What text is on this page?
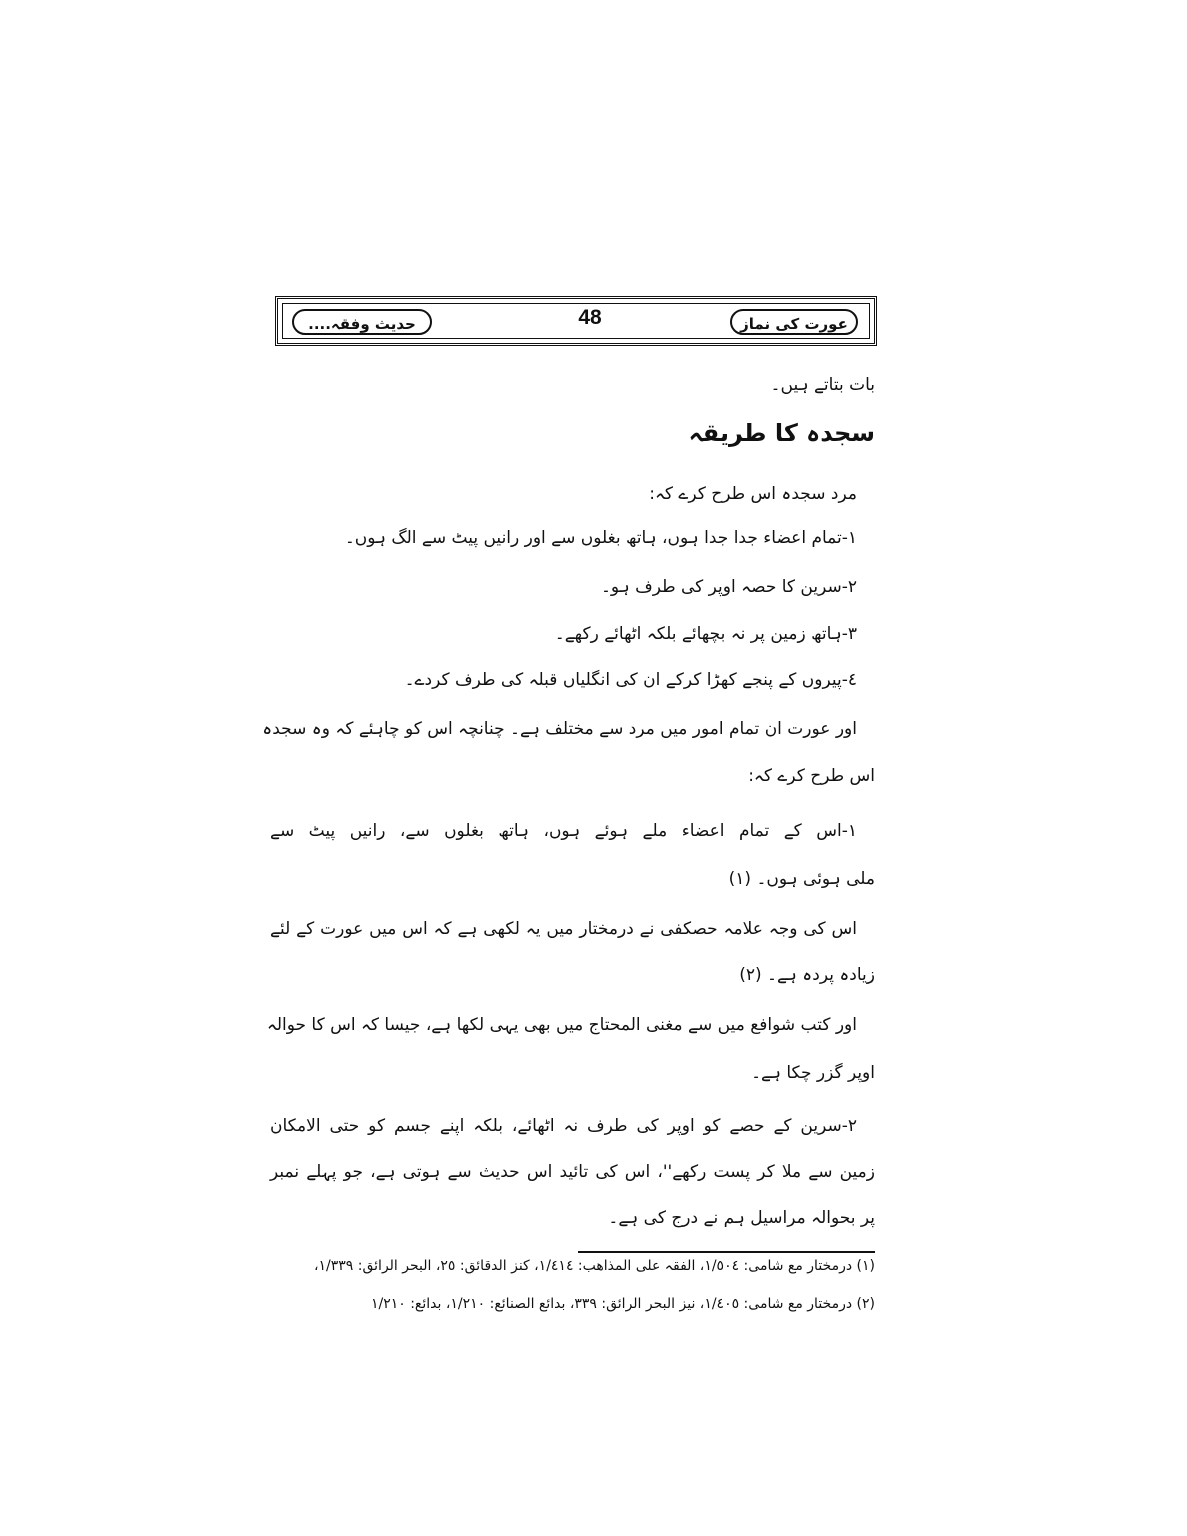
عورت کی نماز
حدیث وفقہ....	48
بات بتاتے ہیں۔
سجدہ کا طریقہ
مرد سجدہ اس طرح کرے کہ:
١-تمام اعضاء جدا جدا ہوں، ہاتھ بغلوں سے اور رانیں پیٹ سے الگ ہوں۔
٢-سرین کا حصہ اوپر کی طرف ہو۔
٣-ہاتھ زمین پر نہ بچھائے بلکہ اٹھائے رکھے۔
٤-پیروں کے پنجے کھڑا کرکے ان کی انگلیاں قبلہ کی طرف کردے۔
اور عورت ان تمام امور میں مرد سے مختلف ہے۔ چنانچہ اس کو چاہئے کہ وہ سجدہ
اس طرح کرے کہ:
١-اس کے تمام اعضاء ملے ہوئے ہوں، ہاتھ بغلوں سے، رانیں پیٹ سے
ملی ہوئی ہوں۔ (١)
اس کی وجہ علامہ حصکفی نے درمختار میں یہ لکھی ہے کہ اس میں عورت کے لئے
زیادہ پردہ ہے۔ (٢)
اور کتب شوافع میں سے مغنی المحتاج میں بھی یہی لکھا ہے، جیسا کہ اس کا حوالہ
اوپر گزر چکا ہے۔
٢-سرین کے حصے کو اوپر کی طرف نہ اٹھائے، بلکہ اپنے جسم کو حتی الامکان
زمین سے ملا کر پست رکھے''، اس کی تائید اس حدیث سے ہوتی ہے، جو پہلے نمبر
پر بحوالہ مراسیل ہم نے درج کی ہے۔
(١) درمختار مع شامی: ١/٥٠٤، الفقہ علی المذاھب: ١/٤١٤، کنز الدقائق: ٢٥، البحر الرائق: ١/٣٣٩،
(٢) درمختار مع شامی: ١/٤٠٥، نیز البحر الرائق: ٣٣٩، بدائع الصنائع: ١/٢١٠، بدائع: ١/٢١٠
